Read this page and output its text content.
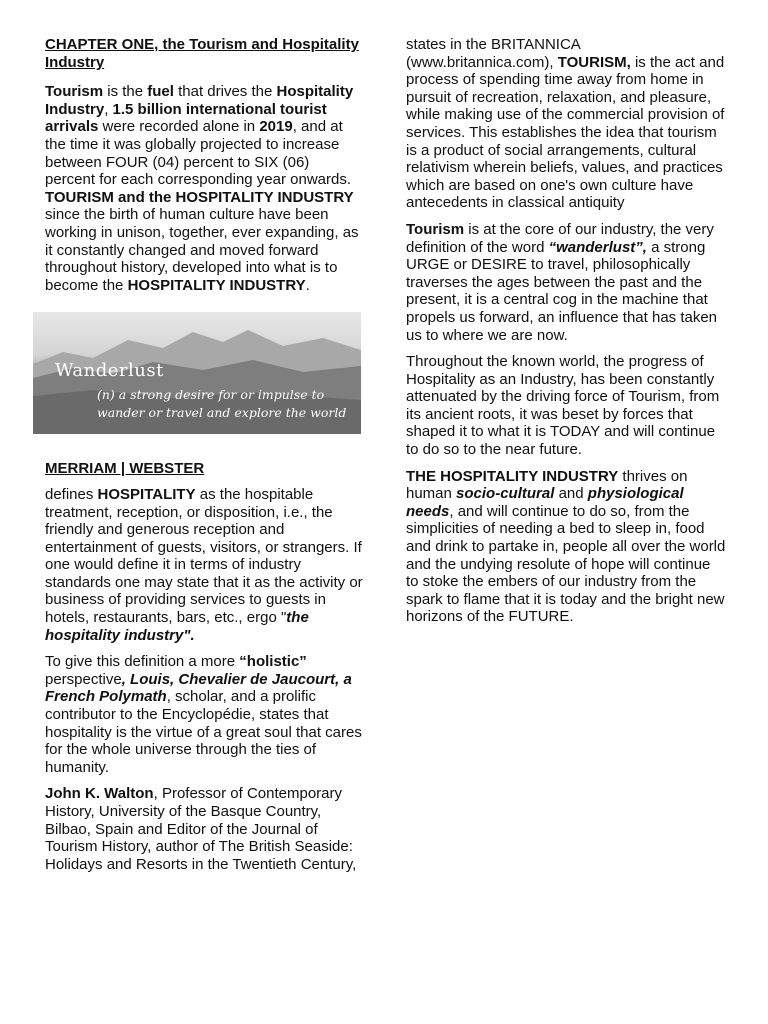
CHAPTER ONE, the Tourism and Hospitality Industry

Tourism is the fuel that drives the Hospitality Industry, 1.5 billion international tourist arrivals were recorded alone in 2019, and at the time it was globally projected to increase between FOUR (04) percent to SIX (06) percent for each corresponding year onwards. TOURISM and the HOSPITALITY INDUSTRY since the birth of human culture have been working in unison, together, ever expanding, as it constantly changed and moved forward throughout history, developed into what is to become the HOSPITALITY INDUSTRY.

Wanderlust
(n) a strong desire for or impulse to wander or travel and explore the world

MERRIAM | WEBSTER

defines HOSPITALITY as the hospitable treatment, reception, or disposition, i.e., the friendly and generous reception and entertainment of guests, visitors, or strangers. If one would define it in terms of industry standards one may state that it as the activity or business of providing services to guests in hotels, restaurants, bars, etc., ergo "the hospitality industry".

To give this definition a more “holistic” perspective, Louis, Chevalier de Jaucourt, a French Polymath, scholar, and a prolific contributor to the Encyclopédie, states that hospitality is the virtue of a great soul that cares for the whole universe through the ties of humanity.

John K. Walton, Professor of Contemporary History, University of the Basque Country, Bilbao, Spain and Editor of the Journal of Tourism History, author of The British Seaside: Holidays and Resorts in the Twentieth Century,

states in the BRITANNICA (www.britannica.com), TOURISM, is the act and process of spending time away from home in pursuit of recreation, relaxation, and pleasure, while making use of the commercial provision of services. This establishes the idea that tourism is a product of social arrangements, cultural relativism wherein beliefs, values, and practices which are based on one's own culture have antecedents in classical antiquity

Tourism is at the core of our industry, the very definition of the word “wanderlust”, a strong URGE or DESIRE to travel, philosophically traverses the ages between the past and the present, it is a central cog in the machine that propels us forward, an influence that has taken us to where we are now.

Throughout the known world, the progress of Hospitality as an Industry, has been constantly attenuated by the driving force of Tourism, from its ancient roots, it was beset by forces that shaped it to what it is TODAY and will continue to do so to the near future.

THE HOSPITALITY INDUSTRY thrives on human socio-cultural and physiological needs, and will continue to do so, from the simplicities of needing a bed to sleep in, food and drink to partake in, people all over the world and the undying resolute of hope will continue to stoke the embers of our industry from the spark to flame that it is today and the bright new horizons of the FUTURE.
